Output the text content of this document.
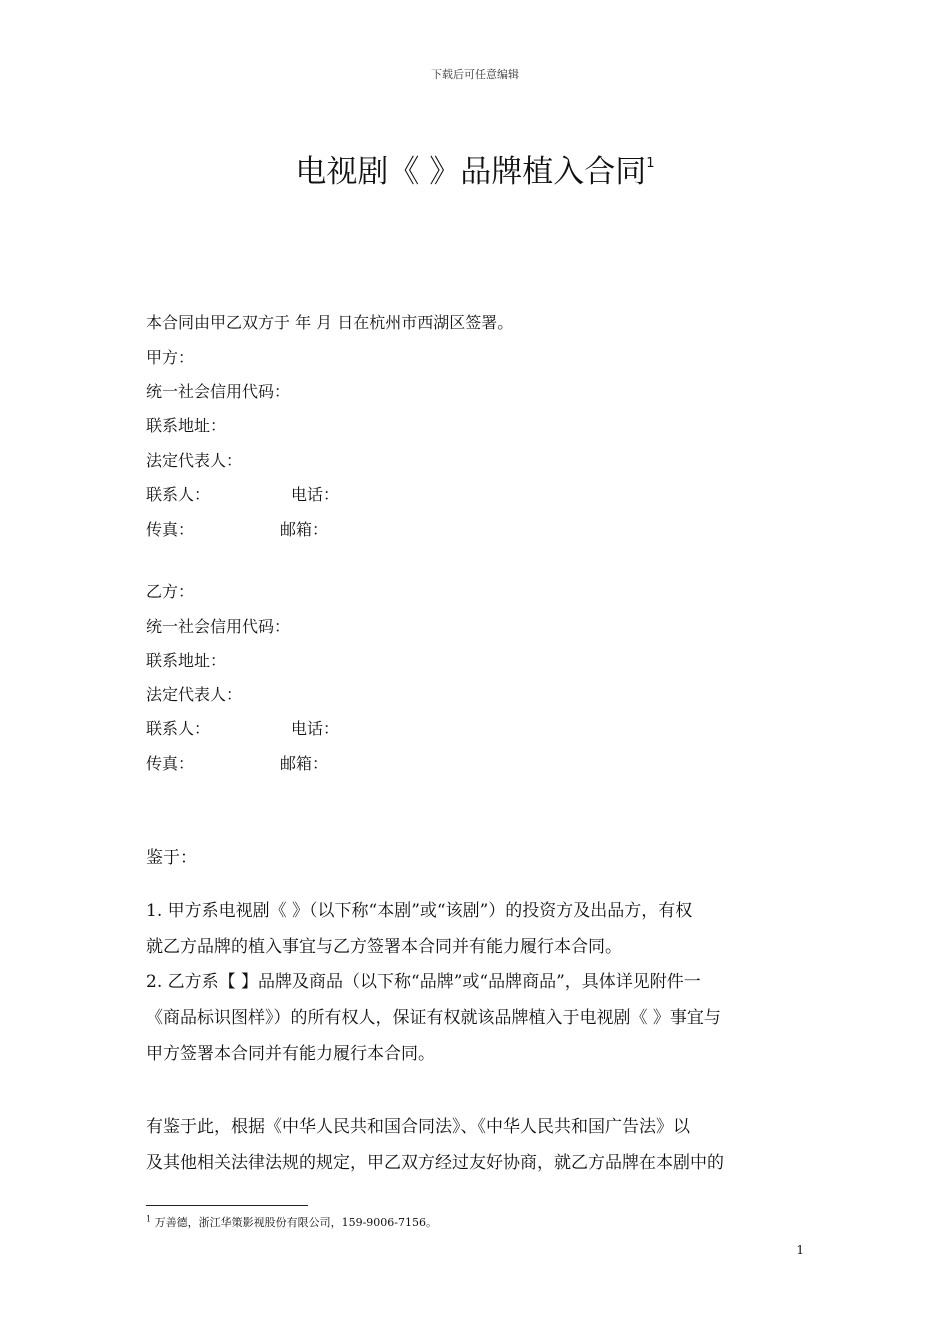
下载后可任意编辑
电视剧《 》品牌植入合同$^1$
本合同由甲乙双方于 年 月 日在杭州市西湖区签署。
甲方：
统一社会信用代码：
联系地址：
法定代表人：
联系人：	电话：
传真：	邮箱：
乙方：
统一社会信用代码：
联系地址：
法定代表人：
联系人：	电话：
传真：	邮箱：
鉴于：
1. 甲方系电视剧《 》（以下称“本剧”或“该剧”）的投资方及出品方，有权
就乙方品牌的植入事宜与乙方签署本合同并有能力履行本合同。
2. 乙方系【 】品牌及商品（以下称“品牌”或“品牌商品”，具体详见附件一
《商品标识图样》）的所有权人，保证有权就该品牌植入于电视剧《 》事宜与
甲方签署本合同并有能力履行本合同。
有鉴于此，根据《中华人民共和国合同法》、《中华人民共和国广告法》以
及其他相关法律法规的规定，甲乙双方经过友好协商，就乙方品牌在本剧中的
$^1$ 万善德，浙江华策影视股份有限公司，159-9006-7156。
1
